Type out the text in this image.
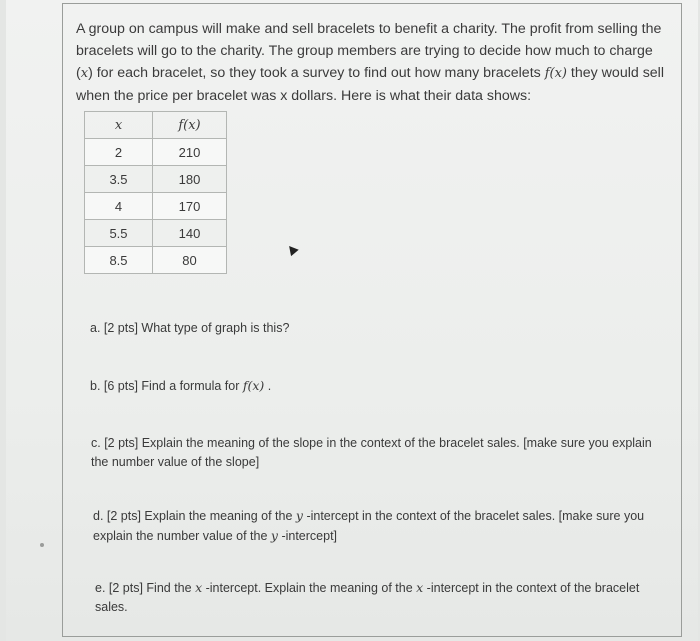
A group on campus will make and sell bracelets to benefit a charity. The profit from selling the bracelets will go to the charity. The group members are trying to decide how much to charge (x) for each bracelet, so they took a survey to find out how many bracelets f(x) they would sell when the price per bracelet was x dollars. Here is what their data shows:
x	f(x)
2	210
3.5	180
4	170
5.5	140
8.5	80
a. [2 pts] What type of graph is this?
b. [6 pts] Find a formula for f(x) .
c. [2 pts] Explain the meaning of the slope in the context of the bracelet sales. [make sure you explain
the number value of the slope]
d. [2 pts] Explain the meaning of the y -intercept in the context of the bracelet sales. [make sure you
explain the number value of the y -intercept]
e. [2 pts] Find the x -intercept. Explain the meaning of the x -intercept in the context of the bracelet
sales.
